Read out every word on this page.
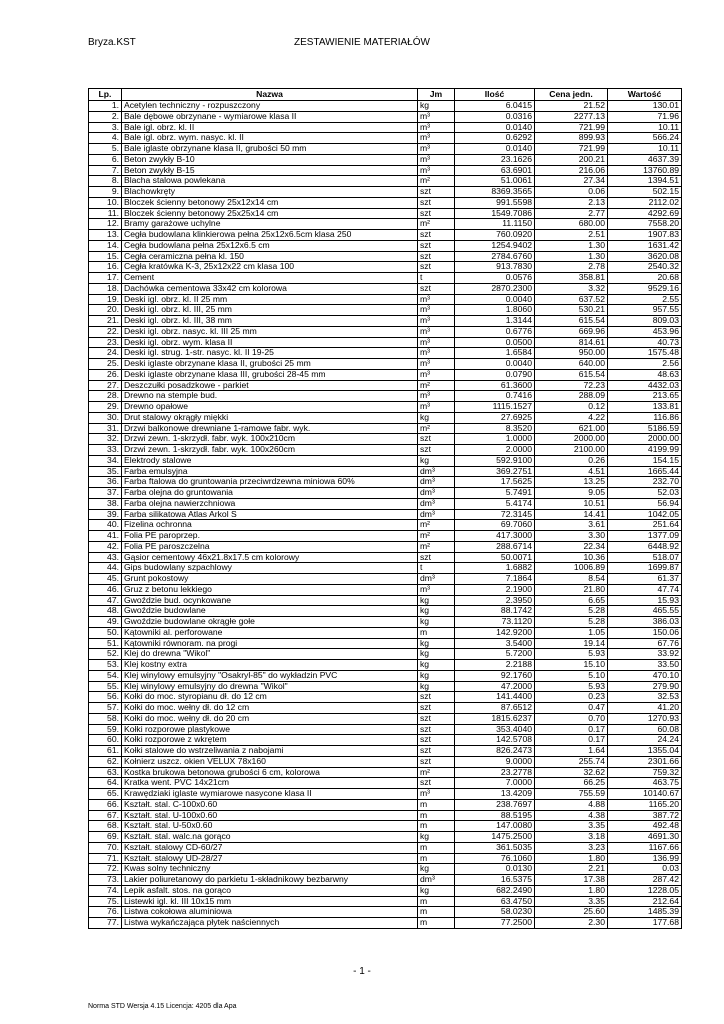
Bryza.KST	ZESTAWIENIE MATERIAŁÓW
Lp.	Nazwa	Jm	Ilość	Cena jedn.	Wartość
1.	Acetylen techniczny - rozpuszczony	kg	6.0415	21.52	130.01
2.	Bale dębowe obrzynane - wymiarowe klasa II	m³	0.0316	2277.13	71.96
3.	Bale igl. obrz. kl. II	m³	0.0140	721.99	10.11
4.	Bale igl. obrz. wym. nasyc. kl. II	m³	0.6292	899.93	566.24
5.	Bale iglaste obrzynane klasa II, grubości 50 mm	m³	0.0140	721.99	10.11
6.	Beton zwykły B-10	m³	23.1626	200.21	4637.39
7.	Beton zwykły B-15	m³	63.6901	216.06	13760.89
8.	Blacha stalowa powlekana	m²	51.0061	27.34	1394.51
9.	Blachowkręty	szt	8369.3565	0.06	502.15
10.	Bloczek ścienny betonowy 25x12x14 cm	szt	991.5598	2.13	2112.02
11.	Bloczek ścienny betonowy 25x25x14 cm	szt	1549.7086	2.77	4292.69
12.	Bramy garażowe uchylne	m²	11.1150	680.00	7558.20
13.	Cegła budowlana klinkierowa pełna 25x12x6.5cm klasa 250	szt	760.0920	2.51	1907.83
14.	Cegła budowlana pełna 25x12x6.5 cm	szt	1254.9402	1.30	1631.42
15.	Cegła ceramiczna pełna kl. 150	szt	2784.6760	1.30	3620.08
16.	Cegła kratówka K-3, 25x12x22 cm klasa 100	szt	913.7830	2.78	2540.32
17.	Cement	t	0.0576	358.81	20.68
18.	Dachówka cementowa 33x42 cm kolorowa	szt	2870.2300	3.32	9529.16
19.	Deski igl. obrz. kl. II 25 mm	m³	0.0040	637.52	2.55
20.	Deski igl. obrz. kl. III, 25 mm	m³	1.8060	530.21	957.55
21.	Deski igl. obrz. kl. III, 38 mm	m³	1.3144	615.54	809.03
22.	Deski igl. obrz. nasyc. kl. III 25 mm	m³	0.6776	669.96	453.96
23.	Deski igl. obrz. wym. klasa II	m³	0.0500	814.61	40.73
24.	Deski igl. strug. 1-str. nasyc. kl. II 19-25	m³	1.6584	950.00	1575.48
25.	Deski iglaste obrzynane klasa II, grubości 25 mm	m³	0.0040	640.00	2.56
26.	Deski iglaste obrzynane klasa III, grubości 28-45 mm	m³	0.0790	615.54	48.63
27.	Deszczułki posadzkowe - parkiet	m²	61.3600	72.23	4432.03
28.	Drewno na stemple bud.	m³	0.7416	288.09	213.65
29.	Drewno opałowe	m³	1115.1527	0.12	133.81
30.	Drut stalowy okrągły miękki	kg	27.6925	4.22	116.86
31.	Drzwi balkonowe drewniane 1-ramowe fabr. wyk.	m²	8.3520	621.00	5186.59
32.	Drzwi zewn. 1-skrzydł. fabr. wyk. 100x210cm	szt	1.0000	2000.00	2000.00
33.	Drzwi zewn. 1-skrzydł. fabr. wyk. 100x260cm	szt	2.0000	2100.00	4199.99
34.	Elektrody stalowe	kg	592.9100	0.26	154.15
35.	Farba emulsyjna	dm³	369.2751	4.51	1665.44
36.	Farba ftalowa do gruntowania przeciwrdzewna miniowa 60%	dm³	17.5625	13.25	232.70
37.	Farba olejna do gruntowania	dm³	5.7491	9.05	52.03
38.	Farba olejna nawierzchniowa	dm³	5.4174	10.51	56.94
39.	Farba silikatowa Atlas Arkol S	dm³	72.3145	14.41	1042.05
40.	Fizelina ochronna	m²	69.7060	3.61	251.64
41.	Folia PE paroprzep.	m²	417.3000	3.30	1377.09
42.	Folia PE paroszczelna	m²	288.6714	22.34	6448.92
43.	Gąsior cementowy 46x21.8x17.5 cm kolorowy	szt	50.0071	10.36	518.07
44.	Gips budowlany szpachlowy	t	1.6882	1006.89	1699.87
45.	Grunt pokostowy	dm³	7.1864	8.54	61.37
46.	Gruz z betonu lekkiego	m³	2.1900	21.80	47.74
47.	Gwoździe bud. ocynkowane	kg	2.3950	6.65	15.93
48.	Gwoździe budowlane	kg	88.1742	5.28	465.55
49.	Gwoździe budowlane okrągłe gołe	kg	73.1120	5.28	386.03
50.	Kątowniki al. perforowane	m	142.9200	1.05	150.06
51.	Kątowniki równoram. na progi	kg	3.5400	19.14	67.76
52.	Klej do drewna "Wikol"	kg	5.7200	5.93	33.92
53.	Klej kostny extra	kg	2.2188	15.10	33.50
54.	Klej winylowy emulsyjny "Osakryl-85" do wykładzin PVC	kg	92.1760	5.10	470.10
55.	Klej winylowy emulsyjny do drewna "Wikol"	kg	47.2000	5.93	279.90
56.	Kołki do moc. styropianu dł. do 12 cm	szt	141.4400	0.23	32.53
57.	Kołki do moc. wełny dł. do 12 cm	szt	87.6512	0.47	41.20
58.	Kołki do moc. wełny dł. do 20 cm	szt	1815.6237	0.70	1270.93
59.	Kołki rozporowe plastykowe	szt	353.4040	0.17	60.08
60.	Kołki rozporowe z wkrętem	szt	142.5708	0.17	24.24
61.	Kołki stalowe do wstrzeliwania z nabojami	szt	826.2473	1.64	1355.04
62.	Kołnierz uszcz. okien VELUX 78x160	szt	9.0000	255.74	2301.66
63.	Kostka brukowa betonowa grubości 6 cm, kolorowa	m²	23.2778	32.62	759.32
64.	Kratka went. PVC 14x21cm	szt	7.0000	66.25	463.75
65.	Krawędziaki iglaste wymiarowe nasycone klasa II	m³	13.4209	755.59	10140.67
66.	Kształt. stal. C-100x0.60	m	238.7697	4.88	1165.20
67.	Kształt. stal. U-100x0.60	m	88.5195	4.38	387.72
68.	Kształt. stal. U-50x0.60	m	147.0080	3.35	492.48
69.	Kształt. stal. walc.na gorąco	kg	1475.2500	3.18	4691.30
70.	Kształt. stalowy CD-60/27	m	361.5035	3.23	1167.66
71.	Kształt. stalowy UD-28/27	m	76.1060	1.80	136.99
72.	Kwas solny techniczny	kg	0.0130	2.21	0.03
73.	Lakier poliuretanowy do parkietu 1-składnikowy bezbarwny	dm³	16.5375	17.38	287.42
74.	Lepik asfalt. stos. na gorąco	kg	682.2490	1.80	1228.05
75.	Listewki igl. kl. III 10x15 mm	m	63.4750	3.35	212.64
76.	Listwa cokołowa aluminiowa	m	58.0230	25.60	1485.39
77.	Listwa wykańczająca płytek naściennych	m	77.2500	2.30	177.68
- 1 -
Norma STD Wersja 4.15 Licencja: 4205 dla Apa
